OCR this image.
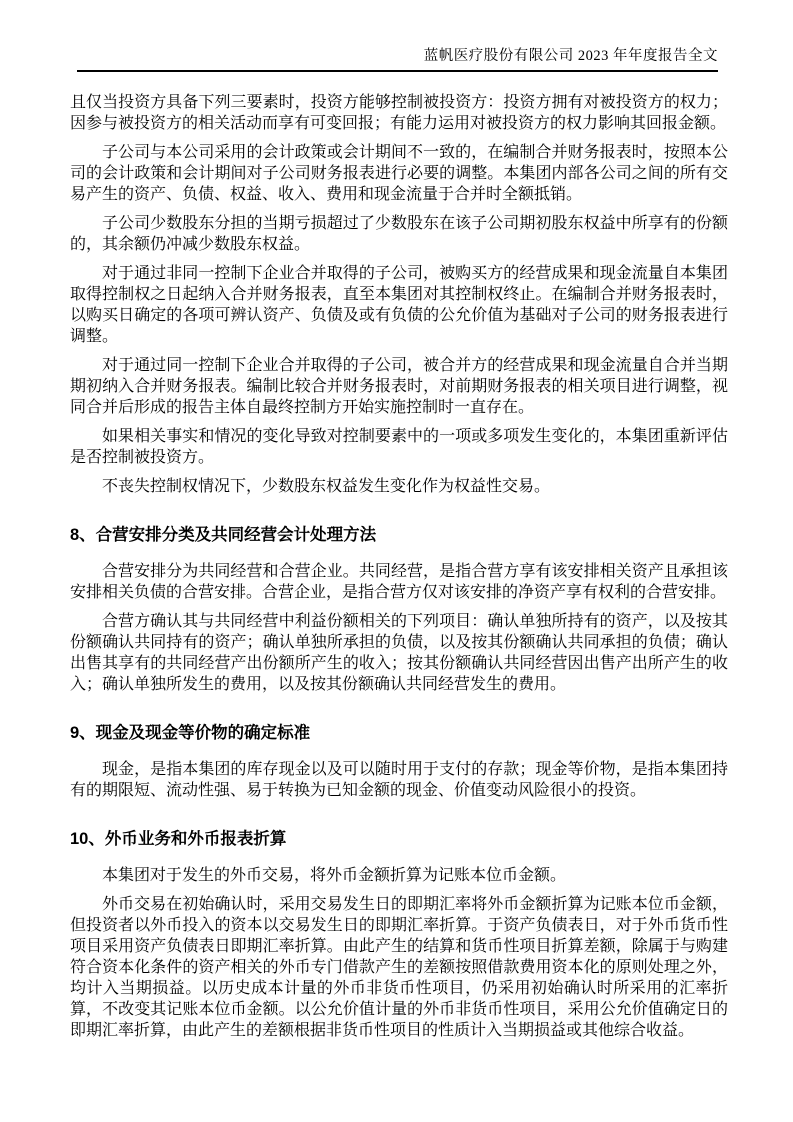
蓝帆医疗股份有限公司 2023 年年度报告全文

且仅当投资方具备下列三要素时，投资方能够控制被投资方：投资方拥有对被投资方的权力；因参与被投资方的相关活动而享有可变回报；有能力运用对被投资方的权力影响其回报金额。

子公司与本公司采用的会计政策或会计期间不一致的，在编制合并财务报表时，按照本公司的会计政策和会计期间对子公司财务报表进行必要的调整。本集团内部各公司之间的所有交易产生的资产、负债、权益、收入、费用和现金流量于合并时全额抵销。

子公司少数股东分担的当期亏损超过了少数股东在该子公司期初股东权益中所享有的份额的，其余额仍冲减少数股东权益。

对于通过非同一控制下企业合并取得的子公司，被购买方的经营成果和现金流量自本集团取得控制权之日起纳入合并财务报表，直至本集团对其控制权终止。在编制合并财务报表时，以购买日确定的各项可辨认资产、负债及或有负债的公允价值为基础对子公司的财务报表进行调整。

对于通过同一控制下企业合并取得的子公司，被合并方的经营成果和现金流量自合并当期期初纳入合并财务报表。编制比较合并财务报表时，对前期财务报表的相关项目进行调整，视同合并后形成的报告主体自最终控制方开始实施控制时一直存在。

如果相关事实和情况的变化导致对控制要素中的一项或多项发生变化的，本集团重新评估是否控制被投资方。

不丧失控制权情况下，少数股东权益发生变化作为权益性交易。

8、合营安排分类及共同经营会计处理方法

合营安排分为共同经营和合营企业。共同经营，是指合营方享有该安排相关资产且承担该安排相关负债的合营安排。合营企业，是指合营方仅对该安排的净资产享有权利的合营安排。

合营方确认其与共同经营中利益份额相关的下列项目：确认单独所持有的资产，以及按其份额确认共同持有的资产；确认单独所承担的负债，以及按其份额确认共同承担的负债；确认出售其享有的共同经营产出份额所产生的收入；按其份额确认共同经营因出售产出所产生的收入；确认单独所发生的费用，以及按其份额确认共同经营发生的费用。

9、现金及现金等价物的确定标准

现金，是指本集团的库存现金以及可以随时用于支付的存款；现金等价物，是指本集团持有的期限短、流动性强、易于转换为已知金额的现金、价值变动风险很小的投资。

10、外币业务和外币报表折算

本集团对于发生的外币交易，将外币金额折算为记账本位币金额。

外币交易在初始确认时，采用交易发生日的即期汇率将外币金额折算为记账本位币金额，但投资者以外币投入的资本以交易发生日的即期汇率折算。于资产负债表日，对于外币货币性项目采用资产负债表日即期汇率折算。由此产生的结算和货币性项目折算差额，除属于与购建符合资本化条件的资产相关的外币专门借款产生的差额按照借款费用资本化的原则处理之外，均计入当期损益。以历史成本计量的外币非货币性项目，仍采用初始确认时所采用的汇率折算，不改变其记账本位币金额。以公允价值计量的外币非货币性项目，采用公允价值确定日的即期汇率折算，由此产生的差额根据非货币性项目的性质计入当期损益或其他综合收益。
